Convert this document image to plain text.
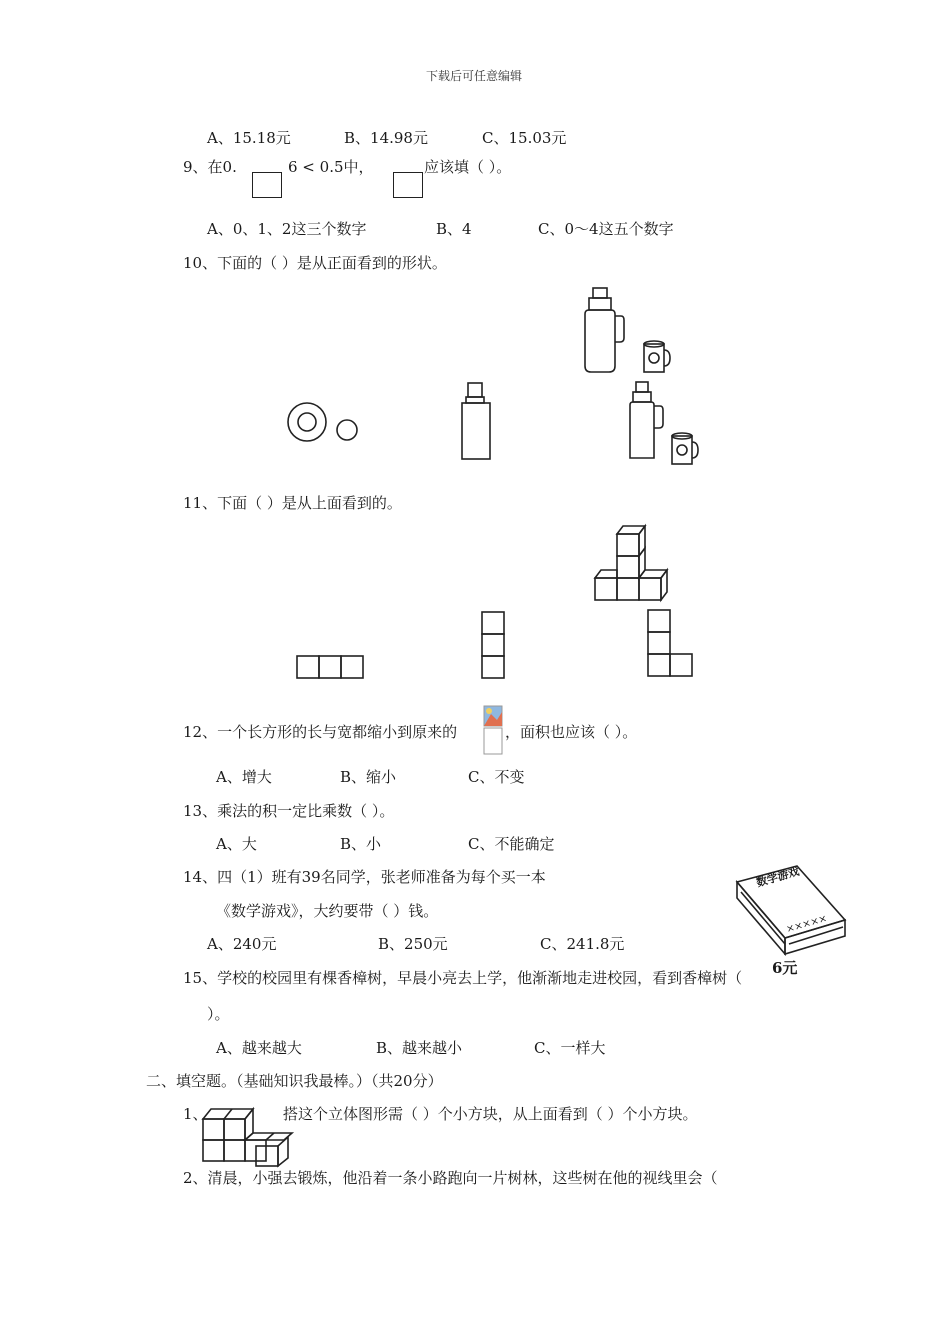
下载后可任意编辑
A、15.18元	B、14.98元	C、15.03元
9、在0.	6 < 0.5中，	应该填（ ）。
A、0、1、2这三个数字	B、4	C、0～4这五个数字
10、下面的（ ）是从正面看到的形状。
11、下面（ ）是从上面看到的。
12、一个长方形的长与宽都缩小到原来的	，面积也应该（ ）。
A、增大	B、缩小	C、不变
13、乘法的积一定比乘数（ ）。
A、大	B、小	C、不能确定
14、四（1）班有39名同学，张老师准备为每个买一本
《数学游戏》，大约要带（ ）钱。
A、240元	B、250元	C、241.8元
数学游戏
×××××
6元
15、学校的校园里有棵香樟树，早晨小亮去上学，他渐渐地走进校园，看到香樟树（
）。
A、越来越大	B、越来越小	C、一样大
二、填空题。（基础知识我最棒。）（共20分）
1、	搭这个立体图形需（ ）个小方块，从上面看到（ ）个小方块。
2、清晨，小强去锻炼，他沿着一条小路跑向一片树林，这些树在他的视线里会（
